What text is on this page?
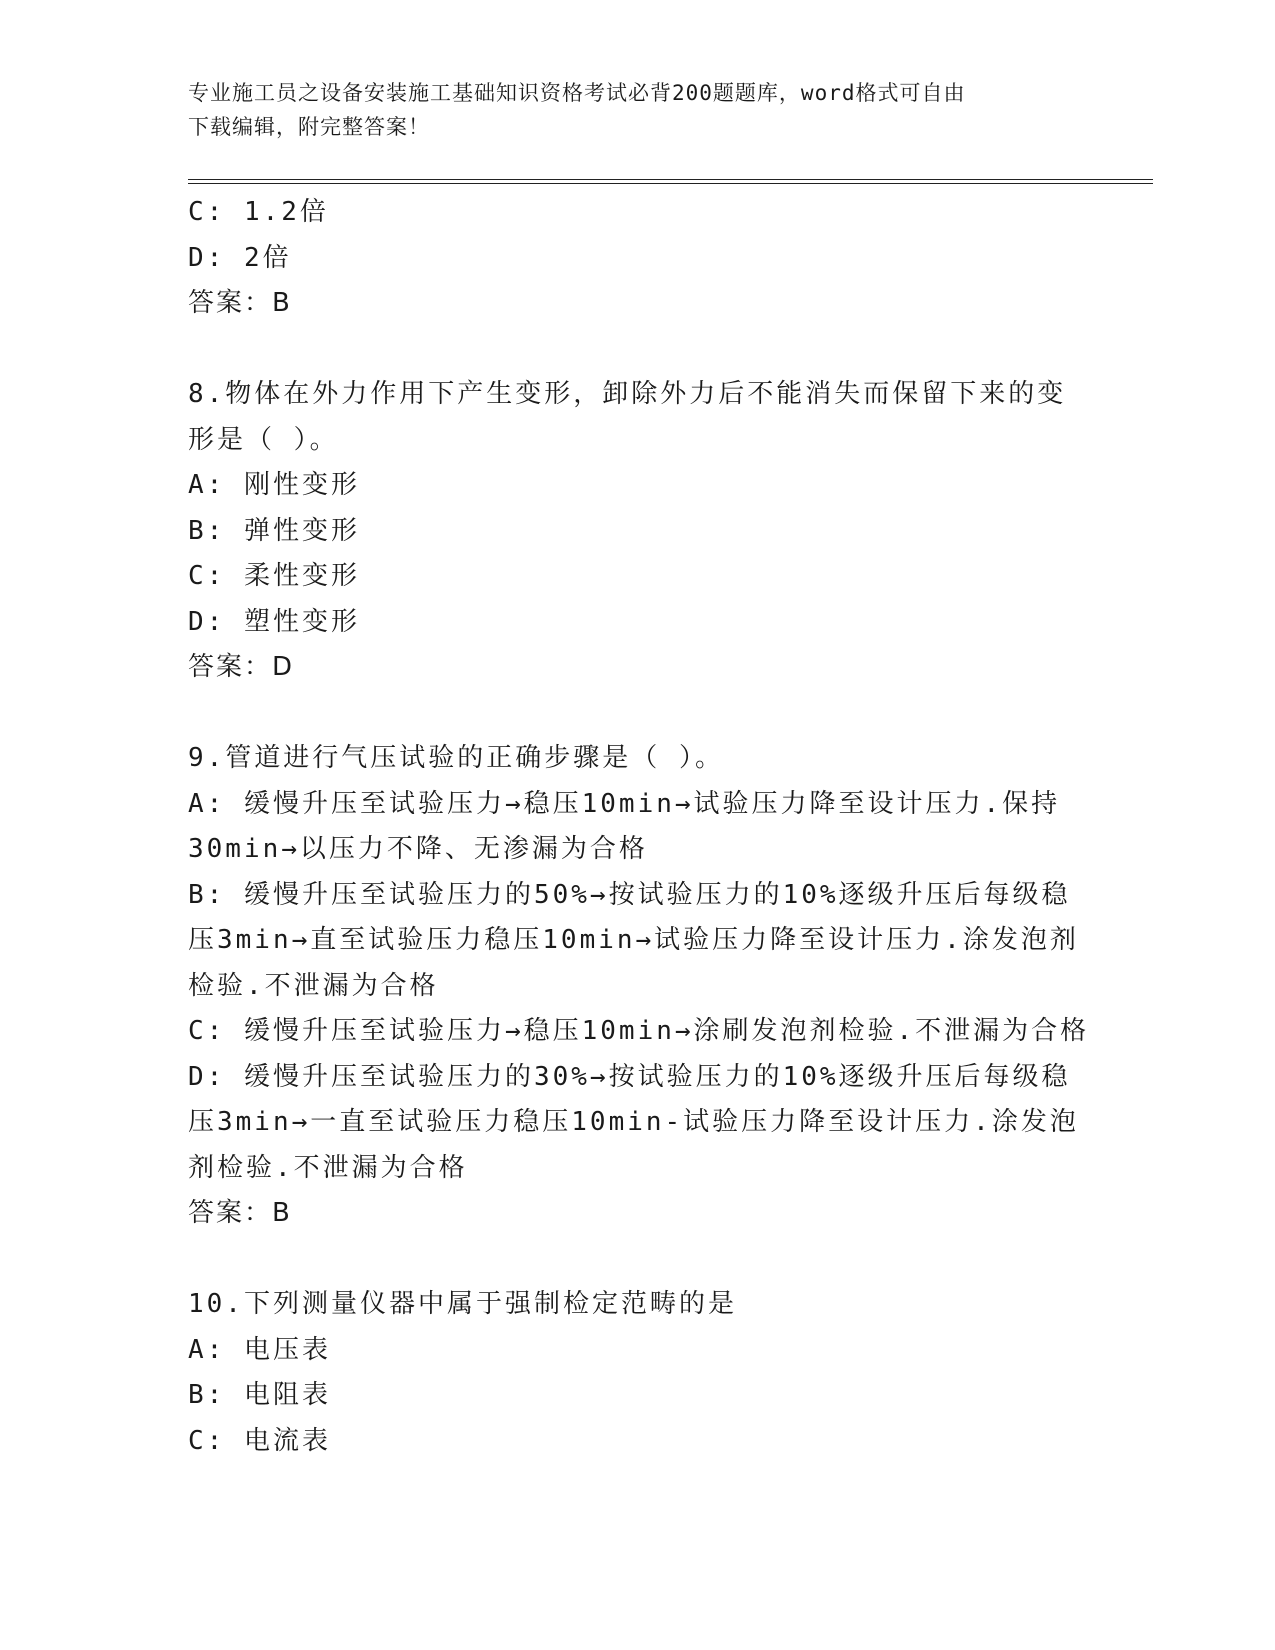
专业施工员之设备安装施工基础知识资格考试必背200题题库，word格式可自由
下载编辑，附完整答案！
C: 1.2倍
D: 2倍
答案：B
8.物体在外力作用下产生变形，卸除外力后不能消失而保留下来的变
形是（ ）。
A: 刚性变形
B: 弹性变形
C: 柔性变形
D: 塑性变形
答案：D
9.管道进行气压试验的正确步骤是（ ）。
A: 缓慢升压至试验压力→稳压10min→试验压力降至设计压力.保持
30min→以压力不降、无渗漏为合格
B: 缓慢升压至试验压力的50%→按试验压力的10%逐级升压后每级稳
压3min→直至试验压力稳压10min→试验压力降至设计压力.涂发泡剂
检验.不泄漏为合格
C: 缓慢升压至试验压力→稳压10min→涂刷发泡剂检验.不泄漏为合格
D: 缓慢升压至试验压力的30%→按试验压力的10%逐级升压后每级稳
压3min→一直至试验压力稳压10min-试验压力降至设计压力.涂发泡
剂检验.不泄漏为合格
答案：B
10.下列测量仪器中属于强制检定范畴的是
A: 电压表
B: 电阻表
C: 电流表
